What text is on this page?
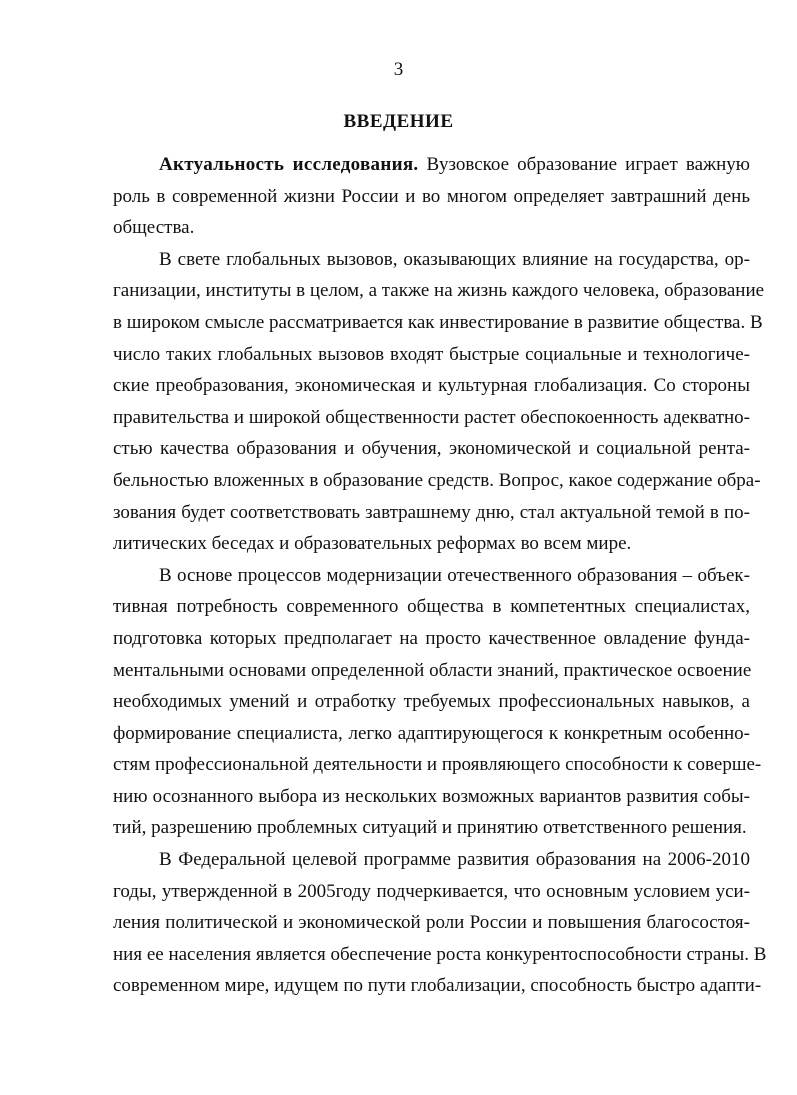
3
ВВЕДЕНИЕ

Актуальность исследования. Вузовское образование играет важную
роль в современной жизни России и во многом определяет завтрашний день
общества.

В свете глобальных вызовов, оказывающих влияние на государства, ор-
ганизации, институты в целом, а также на жизнь каждого человека, образование
в широком смысле рассматривается как инвестирование в развитие общества. В
число таких глобальных вызовов входят быстрые социальные и технологиче-
ские преобразования, экономическая и культурная глобализация. Со стороны
правительства и широкой общественности растет обеспокоенность адекватно-
стью качества образования и обучения, экономической и социальной рента-
бельностью вложенных в образование средств. Вопрос, какое содержание обра-
зования будет соответствовать завтрашнему дню, стал актуальной темой в по-
литических беседах и образовательных реформах во всем мире.

В основе процессов модернизации отечественного образования – объек-
тивная потребность современного общества в компетентных специалистах,
подготовка которых предполагает на просто качественное овладение фунда-
ментальными основами определенной области знаний, практическое освоение
необходимых умений и отработку требуемых профессиональных навыков, а
формирование специалиста, легко адаптирующегося к конкретным особенно-
стям профессиональной деятельности и проявляющего способности к соверше-
нию осознанного выбора из нескольких возможных вариантов развития собы-
тий, разрешению проблемных ситуаций и принятию ответственного решения.

В Федеральной целевой программе развития образования на 2006-2010
годы, утвержденной в 2005году подчеркивается, что основным условием уси-
ления политической и экономической роли России и повышения благосостоя-
ния ее населения является обеспечение роста конкурентоспособности страны. В
современном мире, идущем по пути глобализации, способность быстро адапти-
